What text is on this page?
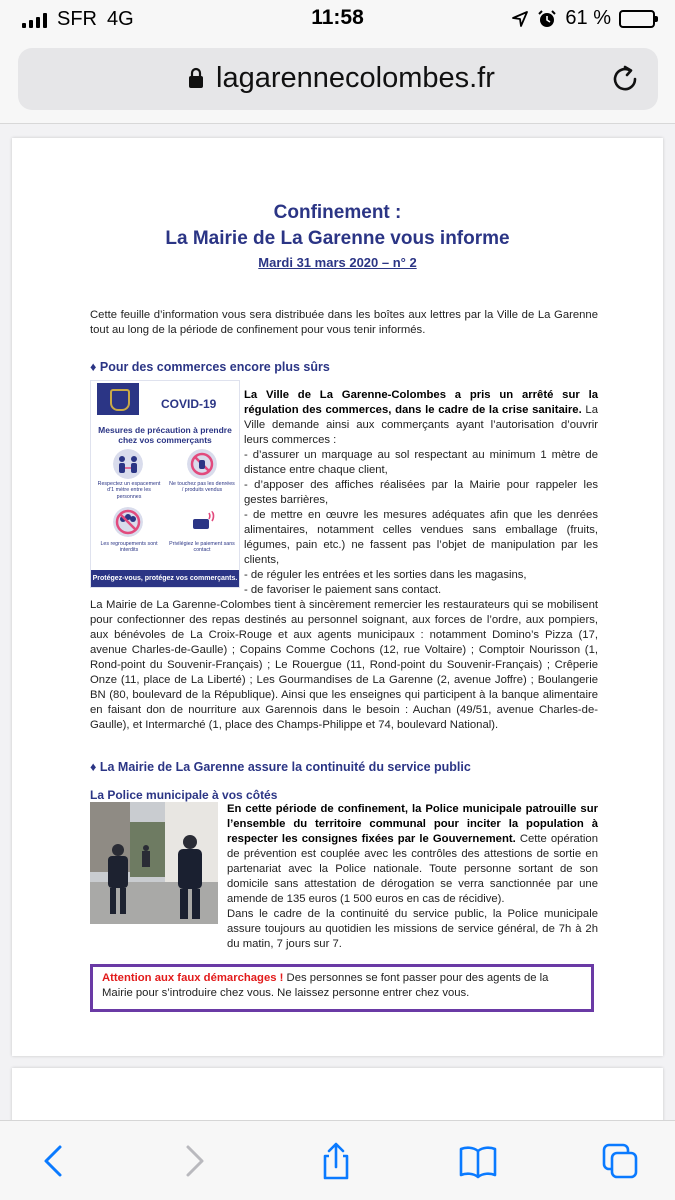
SFR 4G	11:58	61 %
lagarennecolombes.fr
Confinement :
La Mairie de La Garenne vous informe
Mardi 31 mars 2020 – n° 2

Cette feuille d’information vous sera distribuée dans les boîtes aux lettres par la Ville de La Garenne tout au long de la période de confinement pour vous tenir informés.

♦ Pour des commerces encore plus sûrs
COVID-19
Mesures de précaution à prendre chez vos commerçants
Respectez un espacement d’1 mètre entre les personnes
Ne touchez pas les denrées / produits vendus
Les regroupements sont interdits
Privilégiez le paiement sans contact
Protégez-vous, protégez vos commerçants.
La Ville de La Garenne-Colombes a pris un arrêté sur la régulation des commerces, dans le cadre de la crise sanitaire. La Ville demande ainsi aux commerçants ayant l’autorisation d’ouvrir leurs commerces :
- d’assurer un marquage au sol respectant au minimum 1 mètre de distance entre chaque client,
- d’apposer des affiches réalisées par la Mairie pour rappeler les gestes barrières,
- de mettre en œuvre les mesures adéquates afin que les denrées alimentaires, notamment celles vendues sans emballage (fruits, légumes, pain etc.) ne fassent pas l’objet de manipulation par les clients,
- de réguler les entrées et les sorties dans les magasins,
- de favoriser le paiement sans contact.

La Mairie de La Garenne-Colombes tient à sincèrement remercier les restaurateurs qui se mobilisent pour confectionner des repas destinés au personnel soignant, aux forces de l’ordre, aux pompiers, aux bénévoles de La Croix-Rouge et aux agents municipaux : notamment Domino’s Pizza (17, avenue Charles-de-Gaulle) ; Copains Comme Cochons (12, rue Voltaire) ; Comptoir Nourisson (1, Rond-point du Souvenir-Français) ; Le Rouergue (11, Rond-point du Souvenir-Français) ; Crêperie Onze (11, place de La Liberté) ; Les Gourmandises de La Garenne (2, avenue Joffre) ; Boulangerie BN (80, boulevard de la République). Ainsi que les enseignes qui participent à la banque alimentaire en faisant don de nourriture aux Garennois dans le besoin : Auchan (49/51, avenue Charles-de-Gaulle), et Intermarché (1, place des Champs-Philippe et 74, boulevard National).

♦ La Mairie de La Garenne assure la continuité du service public
La Police municipale à vos côtés
En cette période de confinement, la Police municipale patrouille sur l’ensemble du territoire communal pour inciter la population à respecter les consignes fixées par le Gouvernement. Cette opération de prévention est couplée avec les contrôles des attestions de sortie en partenariat avec la Police nationale. Toute personne sortant de son domicile sans attestation de dérogation se verra sanctionnée par une amende de 135 euros (1 500 euros en cas de récidive).
Dans le cadre de la continuité du service public, la Police municipale assure toujours au quotidien les missions de service général, de 7h à 2h du matin, 7 jours sur 7.
Attention aux faux démarchages ! Des personnes se font passer pour des agents de la Mairie pour s’introduire chez vous. Ne laissez personne entrer chez vous.
